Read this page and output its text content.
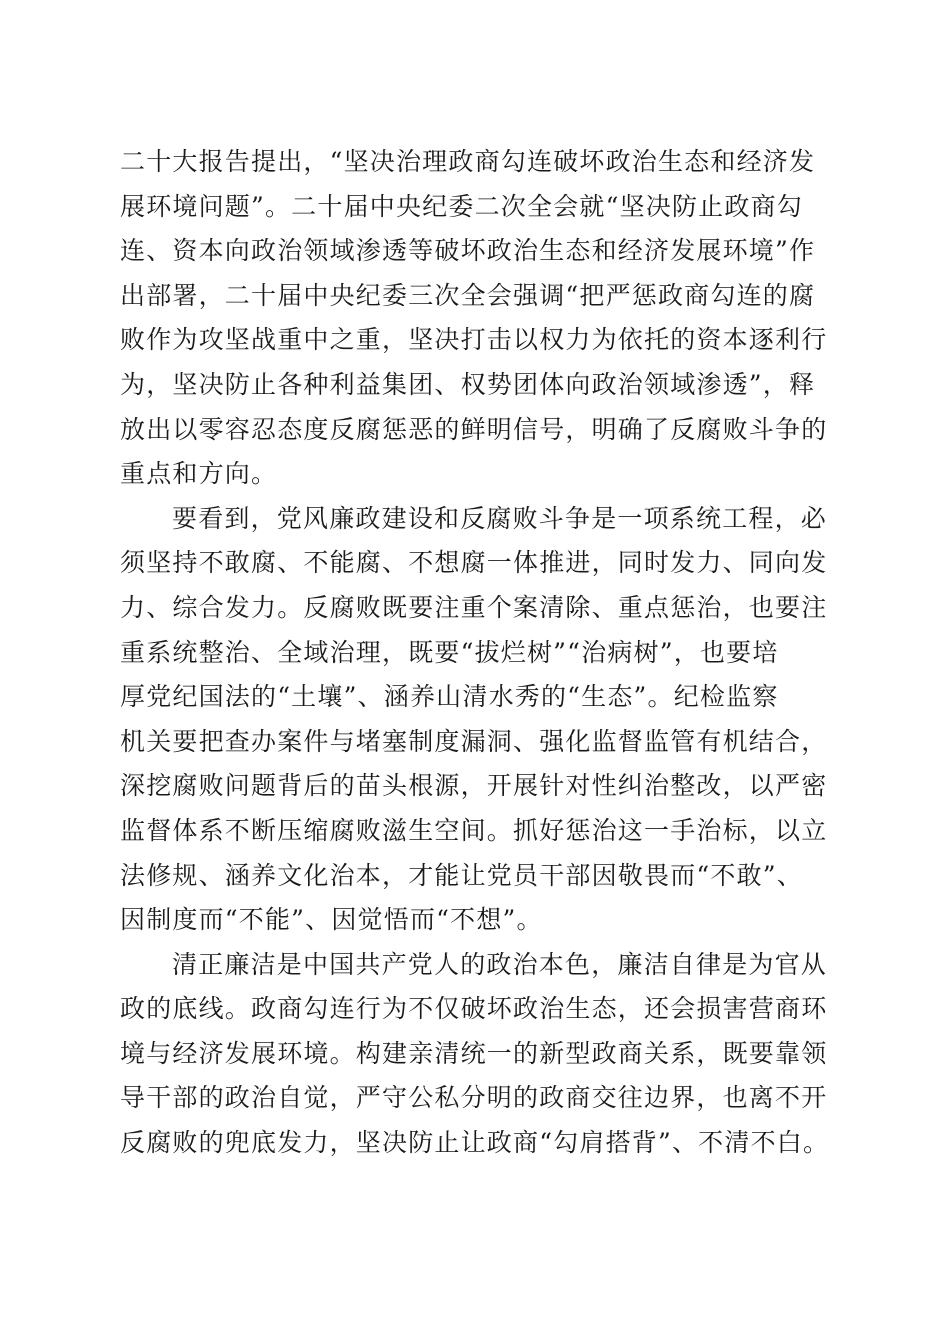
二十大报告提出，“坚决治理政商勾连破坏政治生态和经济发
展环境问题”。二十届中央纪委二次全会就“坚决防止政商勾
连、资本向政治领域渗透等破坏政治生态和经济发展环境”作
出部署，二十届中央纪委三次全会强调“把严惩政商勾连的腐
败作为攻坚战重中之重，坚决打击以权力为依托的资本逐利行
为，坚决防止各种利益集团、权势团体向政治领域渗透”，释
放出以零容忍态度反腐惩恶的鲜明信号，明确了反腐败斗争的
重点和方向。
要看到，党风廉政建设和反腐败斗争是一项系统工程，必
须坚持不敢腐、不能腐、不想腐一体推进，同时发力、同向发
力、综合发力。反腐败既要注重个案清除、重点惩治，也要注
重系统整治、全域治理，既要“拔烂树”“治病树”，也要培
厚党纪国法的“土壤”、涵养山清水秀的“生态”。纪检监察
机关要把查办案件与堵塞制度漏洞、强化监督监管有机结合，
深挖腐败问题背后的苗头根源，开展针对性纠治整改，以严密
监督体系不断压缩腐败滋生空间。抓好惩治这一手治标，以立
法修规、涵养文化治本，才能让党员干部因敬畏而“不敢”、
因制度而“不能”、因觉悟而“不想”。
清正廉洁是中国共产党人的政治本色，廉洁自律是为官从
政的底线。政商勾连行为不仅破坏政治生态，还会损害营商环
境与经济发展环境。构建亲清统一的新型政商关系，既要靠领
导干部的政治自觉，严守公私分明的政商交往边界，也离不开
反腐败的兜底发力，坚决防止让政商“勾肩搭背”、不清不白。
